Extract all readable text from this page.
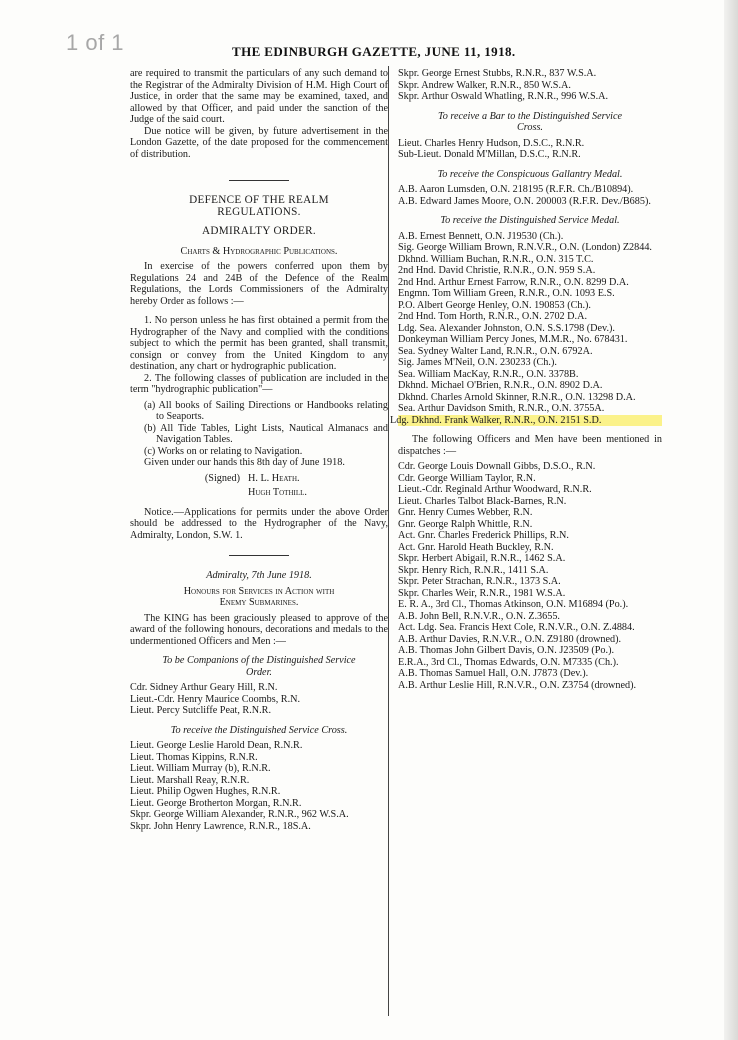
1 of 1	THE EDINBURGH GAZETTE, JUNE 11, 1918.

are required to transmit the particulars of any such demand to the Registrar of the Admiralty Division of H.M. High Court of Justice, in order that the same may be examined, taxed, and allowed by that Officer, and paid under the sanction of the Judge of the said court.

Due notice will be given, by future advertisement in the London Gazette, of the date proposed for the commencement of distribution.

DEFENCE OF THE REALM

REGULATIONS.

ADMIRALTY ORDER.

Charts & Hydrographic Publications.

In exercise of the powers conferred upon them by Regulations 24 and 24B of the Defence of the Realm Regulations, the Lords Commissioners of the Admiralty hereby Order as follows :—

1. No person unless he has first obtained a permit from the Hydrographer of the Navy and complied with the conditions subject to which the permit has been granted, shall transmit, consign or convey from the United Kingdom to any destination, any chart or hydrographic publication.

2. The following classes of publication are included in the term "hydrographic publication"—

(a) All books of Sailing Directions or Handbooks relating to Seaports.

(b) All Tide Tables, Light Lists, Nautical Almanacs and Navigation Tables.

(c) Works on or relating to Navigation.

Given under our hands this 8th day of June 1918.

(Signed) H. L. Heath.
Hugh Tothill.

Notice.—Applications for permits under the above Order should be addressed to the Hydrographer of the Navy, Admiralty, London, S.W. 1.

Admiralty, 7th June 1918.

Honours for Services in Action with

Enemy Submarines.

The KING has been graciously pleased to approve of the award of the following honours, decorations and medals to the undermentioned Officers and Men :—

To be Companions of the Distinguished Service Order.

Cdr. Sidney Arthur Geary Hill, R.N.

Lieut.-Cdr. Henry Maurice Coombs, R.N.

Lieut. Percy Sutcliffe Peat, R.N.R.

To receive the Distinguished Service Cross.

Lieut. George Leslie Harold Dean, R.N.R.

Lieut. Thomas Kippins, R.N.R.

Lieut. William Murray (b), R.N.R.

Lieut. Marshall Reay, R.N.R.

Lieut. Philip Ogwen Hughes, R.N.R.

Lieut. George Brotherton Morgan, R.N.R.

Skpr. George William Alexander, R.N.R., 962 W.S.A.

Skpr. John Henry Lawrence, R.N.R., 18S.A.

Skpr. George Ernest Stubbs, R.N.R., 837 W.S.A.

Skpr. Andrew Walker, R.N.R., 850 W.S.A.

Skpr. Arthur Oswald Whatling, R.N.R., 996 W.S.A.

To receive a Bar to the Distinguished Service Cross.

Lieut. Charles Henry Hudson, D.S.C., R.N.R.

Sub-Lieut. Donald M'Millan, D.S.C., R.N.R.

To receive the Conspicuous Gallantry Medal.

A.B. Aaron Lumsden, O.N. 218195 (R.F.R. Ch./B10894).

A.B. Edward James Moore, O.N. 200003 (R.F.R. Dev./B685).

To receive the Distinguished Service Medal.

A.B. Ernest Bennett, O.N. J19530 (Ch.).

Sig. George William Brown, R.N.V.R., O.N. (London) Z2844.

Dkhnd. William Buchan, R.N.R., O.N. 315 T.C.

2nd Hnd. David Christie, R.N.R., O.N. 959 S.A.

2nd Hnd. Arthur Ernest Farrow, R.N.R., O.N. 8299 D.A.

Engmn. Tom William Green, R.N.R., O.N. 1093 E.S.

P.O. Albert George Henley, O.N. 190853 (Ch.).

2nd Hnd. Tom Horth, R.N.R., O.N. 2702 D.A.

Ldg. Sea. Alexander Johnston, O.N. S.S.1798 (Dev.).

Donkeyman William Percy Jones, M.M.R., No. 678431.

Sea. Sydney Walter Land, R.N.R., O.N. 6792A.

Sig. James M'Neil, O.N. 230233 (Ch.).

Sea. William MacKay, R.N.R., O.N. 3378B.

Dkhnd. Michael O'Brien, R.N.R., O.N. 8902 D.A.

Dkhnd. Charles Arnold Skinner, R.N.R., O.N. 13298 D.A.

Sea. Arthur Davidson Smith, R.N.R., O.N. 3755A.

Ldg. Dkhnd. Frank Walker, R.N.R., O.N. 2151 S.D.

The following Officers and Men have been mentioned in dispatches :—

Cdr. George Louis Downall Gibbs, D.S.O., R.N.

Cdr. George William Taylor, R.N.

Lieut.-Cdr. Reginald Arthur Woodward, R.N.R.

Lieut. Charles Talbot Black-Barnes, R.N.

Gnr. Henry Cumes Webber, R.N.

Gnr. George Ralph Whittle, R.N.

Act. Gnr. Charles Frederick Phillips, R.N.

Act. Gnr. Harold Heath Buckley, R.N.

Skpr. Herbert Abigail, R.N.R., 1462 S.A.

Skpr. Henry Rich, R.N.R., 1411 S.A.

Skpr. Peter Strachan, R.N.R., 1373 S.A.

Skpr. Charles Weir, R.N.R., 1981 W.S.A.

E. R. A., 3rd Cl., Thomas Atkinson, O.N. M16894 (Po.).

A.B. John Bell, R.N.V.R., O.N. Z.3655.

Act. Ldg. Sea. Francis Hext Cole, R.N.V.R., O.N. Z.4884.

A.B. Arthur Davies, R.N.V.R., O.N. Z9180 (drowned).

A.B. Thomas John Gilbert Davis, O.N. J23509 (Po.).

E.R.A., 3rd Cl., Thomas Edwards, O.N. M7335 (Ch.).

A.B. Thomas Samuel Hall, O.N. J7873 (Dev.).

A.B. Arthur Leslie Hill, R.N.V.R., O.N. Z3754 (drowned).
